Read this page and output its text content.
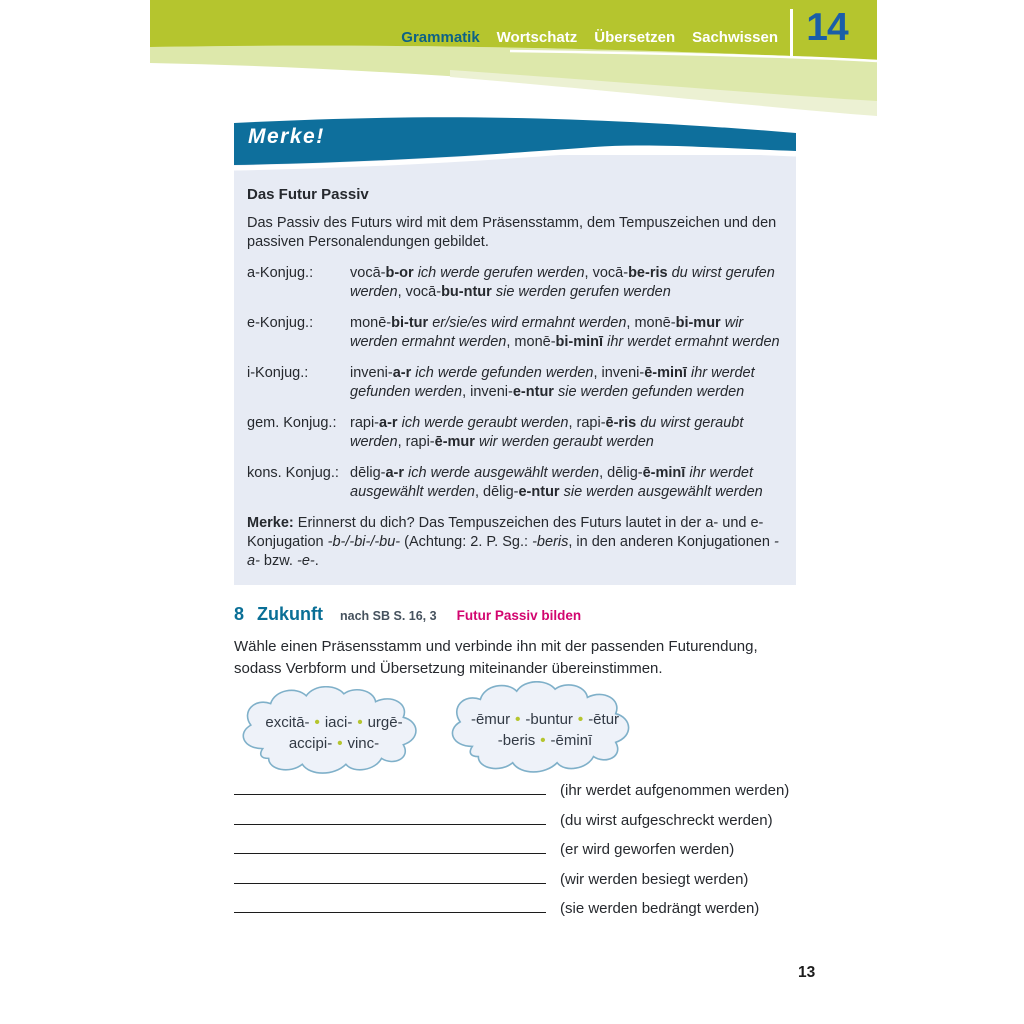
Grammatik Wortschatz Übersetzen Sachwissen 14
Das Futur Passiv

Das Passiv des Futurs wird mit dem Präsensstamm, dem Tempuszeichen und den passiven Personalendungen gebildet.

a-Konjug.:	vocā-b-or ich werde gerufen werden, vocā-be-ris du wirst gerufen werden, vocā-bu-ntur sie werden gerufen werden
e-Konjug.:	monē-bi-tur er/sie/es wird ermahnt werden, monē-bi-mur wir werden ermahnt werden, monē-bi-minī ihr werdet ermahnt werden
i-Konjug.:	inveni-a-r ich werde gefunden werden, inveni-ē-minī ihr werdet gefunden werden, inveni-e-ntur sie werden gefunden werden
gem. Konjug.: rapi-a-r ich werde geraubt werden, rapi-ē-ris du wirst geraubt werden, rapi-ē-mur wir werden geraubt werden
kons. Konjug.: dēlig-a-r ich werde ausgewählt werden, dēlig-ē-minī ihr werdet ausgewählt werden, dēlig-e-ntur sie werden ausgewählt werden

Merke: Erinnerst du dich? Das Tempuszeichen des Futurs lautet in der a- und e-Konjugation -b-/-bi-/-bu- (Achtung: 2. P. Sg.: -beris, in den anderen Konjugationen -a- bzw. -e-.

Merke!
8 Zukunft nach SB S. 16, 3 Futur Passiv bilden

Wähle einen Präsensstamm und verbinde ihn mit der passenden Futurendung, sodass Verbform und Übersetzung miteinander übereinstimmen.

excitā- • iaci- • urgē-
accipi- • vinc-
-ēmur • -buntur • -ētur
-beris • -ēminī
(ihr werdet aufgenommen werden)
(du wirst aufgeschreckt werden)
(er wird geworfen werden)
(wir werden besiegt werden)
(sie werden bedrängt werden)
13
